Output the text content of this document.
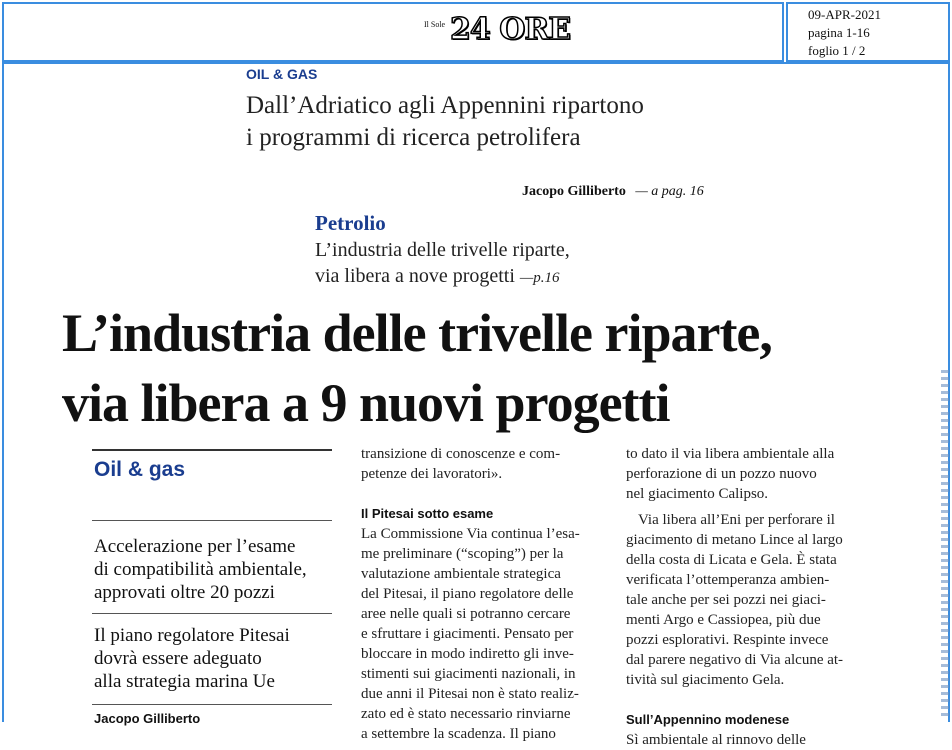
Il Sole 24 ORE	09-APR-2021
pagina 1-16
foglio 1 / 2
OIL & GAS
Dall’Adriatico agli Appennini ripartono
i programmi di ricerca petrolifera
Jacopo Gilliberto — a pag. 16
Petrolio
L’industria delle trivelle riparte,
via libera a nove progetti —p.16
L’industria delle trivelle riparte,
via libera a 9 nuovi progetti
Oil & gas
Accelerazione per l’esame
di compatibilità ambientale,
approvati oltre 20 pozzi
Il piano regolatore Pitesai
dovrà essere adeguato
alla strategia marina Ue
Jacopo Gilliberto

transizione di conoscenze e com-

petenze dei lavoratori».

Il Pitesai sotto esame

La Commissione Via continua l’esa-

me preliminare (“scoping”) per la

valutazione ambientale strategica

del Pitesai, il piano regolatore delle

aree nelle quali si potranno cercare

e sfruttare i giacimenti. Pensato per

bloccare in modo indiretto gli inve-

stimenti sui giacimenti nazionali, in

due anni il Pitesai non è stato realiz-

zato ed è stato necessario rinviarne

a settembre la scadenza. Il piano

to dato il via libera ambientale alla

perforazione di un pozzo nuovo

nel giacimento Calipso.

Via libera all’Eni per perforare il

giacimento di metano Lince al largo

della costa di Licata e Gela. È stata

verificata l’ottemperanza ambien-

tale anche per sei pozzi nei giaci-

menti Argo e Cassiopea, più due

pozzi esplorativi. Respinte invece

dal parere negativo di Via alcune at-

tività sul giacimento Gela.

Sull’Appennino modenese

Sì ambientale al rinnovo delle
